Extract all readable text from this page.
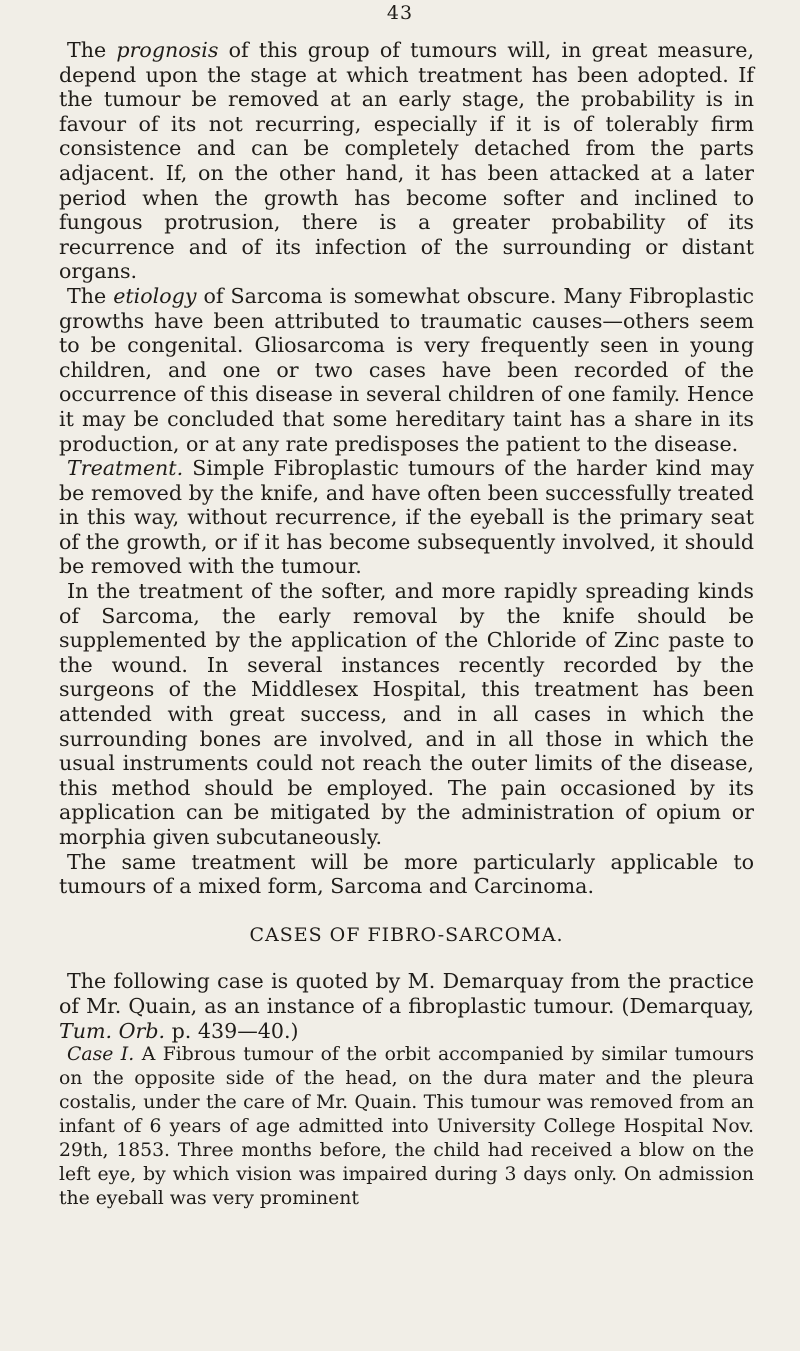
43

The prognosis of this group of tumours will, in great measure, depend upon the stage at which treatment has been adopted. If the tumour be removed at an early stage, the probability is in favour of its not recurring, especially if it is of tolerably firm consistence and can be completely detached from the parts adjacent. If, on the other hand, it has been attacked at a later period when the growth has become softer and inclined to fungous protrusion, there is a greater probability of its recurrence and of its infection of the surrounding or distant organs.

The etiology of Sarcoma is somewhat obscure. Many Fibroplastic growths have been attributed to traumatic causes—others seem to be congenital. Gliosarcoma is very frequently seen in young children, and one or two cases have been recorded of the occurrence of this disease in several children of one family. Hence it may be concluded that some hereditary taint has a share in its production, or at any rate predisposes the patient to the disease.

Treatment. Simple Fibroplastic tumours of the harder kind may be removed by the knife, and have often been successfully treated in this way, without recurrence, if the eyeball is the primary seat of the growth, or if it has become subsequently involved, it should be removed with the tumour.

In the treatment of the softer, and more rapidly spreading kinds of Sarcoma, the early removal by the knife should be supplemented by the application of the Chloride of Zinc paste to the wound. In several instances recently recorded by the surgeons of the Middlesex Hospital, this treatment has been attended with great success, and in all cases in which the surrounding bones are involved, and in all those in which the usual instruments could not reach the outer limits of the disease, this method should be employed. The pain occasioned by its application can be mitigated by the administration of opium or morphia given subcutaneously.

The same treatment will be more particularly applicable to tumours of a mixed form, Sarcoma and Carcinoma.

CASES OF FIBRO-SARCOMA.

The following case is quoted by M. Demarquay from the practice of Mr. Quain, as an instance of a fibroplastic tumour. (Demarquay, Tum. Orb. p. 439—40.)

Case I. A Fibrous tumour of the orbit accompanied by similar tumours on the opposite side of the head, on the dura mater and the pleura costalis, under the care of Mr. Quain. This tumour was removed from an infant of 6 years of age admitted into University College Hospital Nov. 29th, 1853. Three months before, the child had received a blow on the left eye, by which vision was impaired during 3 days only. On admission the eyeball was very prominent
